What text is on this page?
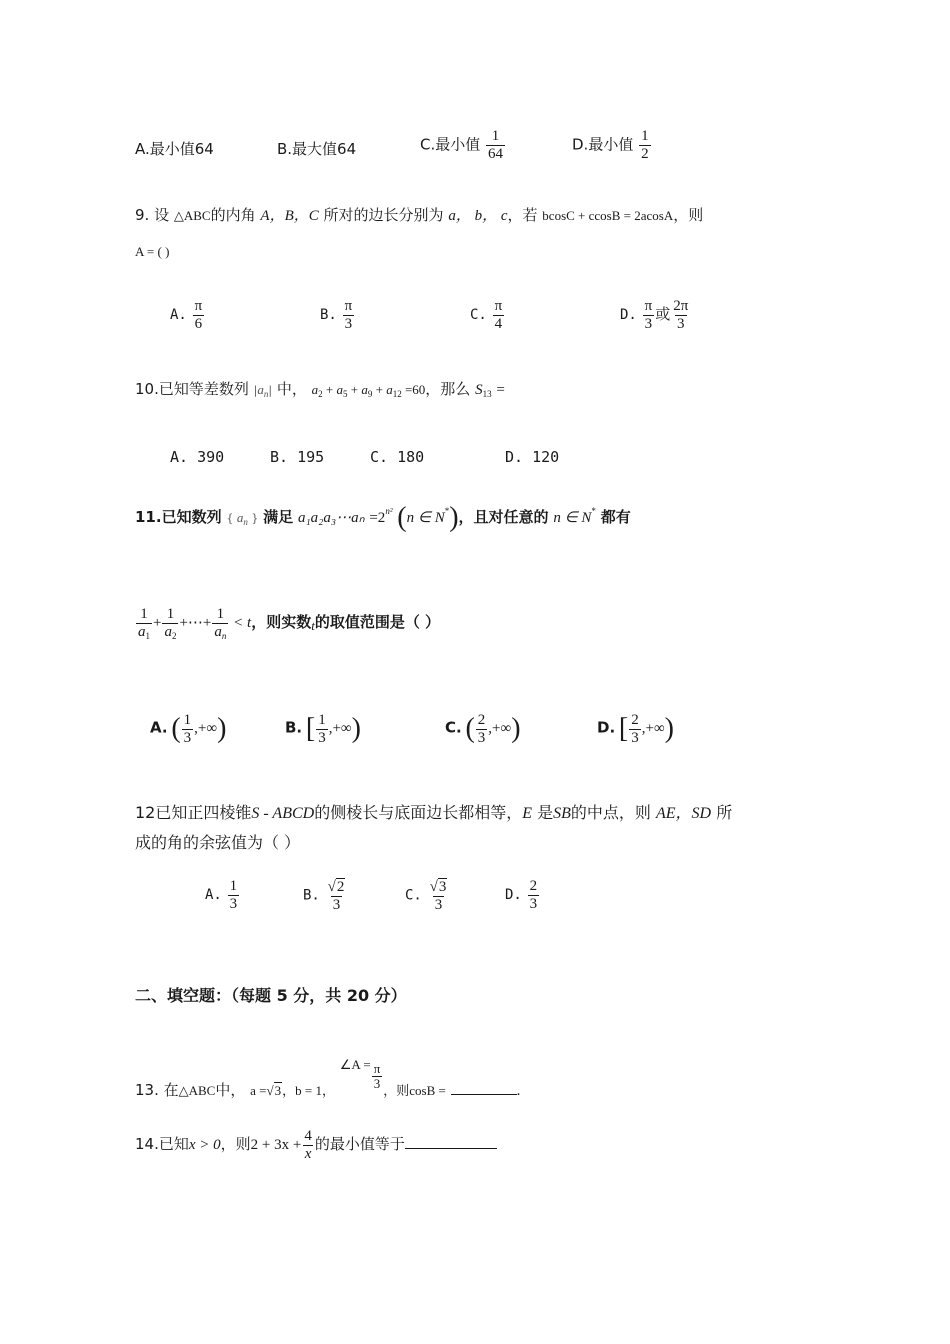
A.最小值64	B.最大值64	C.最小值 $\frac{1}{64}$	D.最小值 $\frac{1}{2}$
9. 设 △ABC的内角 A，B，C 所对的边长分别为 a， b， c，若 bcosC + ccosB = 2acosA，则
A = ( )
A. $\frac{\pi}{6}$	B. $\frac{\pi}{3}$	C. $\frac{\pi}{4}$	D. $\frac{\pi}{3}$ 或 $\frac{2\pi}{3}$
10.已知等差数列 $|a_n|$ 中， $a_2 + a_5 + a_9 + a_{12} =60$，那么 $S_{13}$ =
A. 390	B. 195	C. 180	D. 120
11.已知数列 { $a_n$ } 满足 a₁a₂a₃⋯aₙ $=2^{n^2}$ (n ∈ N*)，且对任意的 n ∈ N* 都有
$\frac{1}{a_1} + \frac{1}{a_2}$ +⋯+ $\frac{1}{a_n} < t$，则实数t的取值范围是（ ）
A. ( $\frac{1}{3}$ ,+∞)	B. [ $\frac{1}{3}$ ,+∞)	C. ( $\frac{2}{3}$ ,+∞)	D. [ $\frac{2}{3}$ ,+∞)
12已知正四棱锥S - ABCD的侧棱长与底面边长都相等，E 是SB的中点，则 AE，SD 所
成的角的余弦值为（ ）
A. $\frac{1}{3}$	B. $\frac{√ 2}{3}$	C. $\frac{√ 3}{3}$	D. $\frac{2}{3}$
二、填空题：（每题 5 分，共 20 分）
13. 在△ABC中， a = √ 3 ，b = 1， ∠A = $\frac{\pi}{3}$ ，则cosB =	.
14.已知x > 0，则$2 + 3x + \frac{4}{x}$ 的最小值等于
